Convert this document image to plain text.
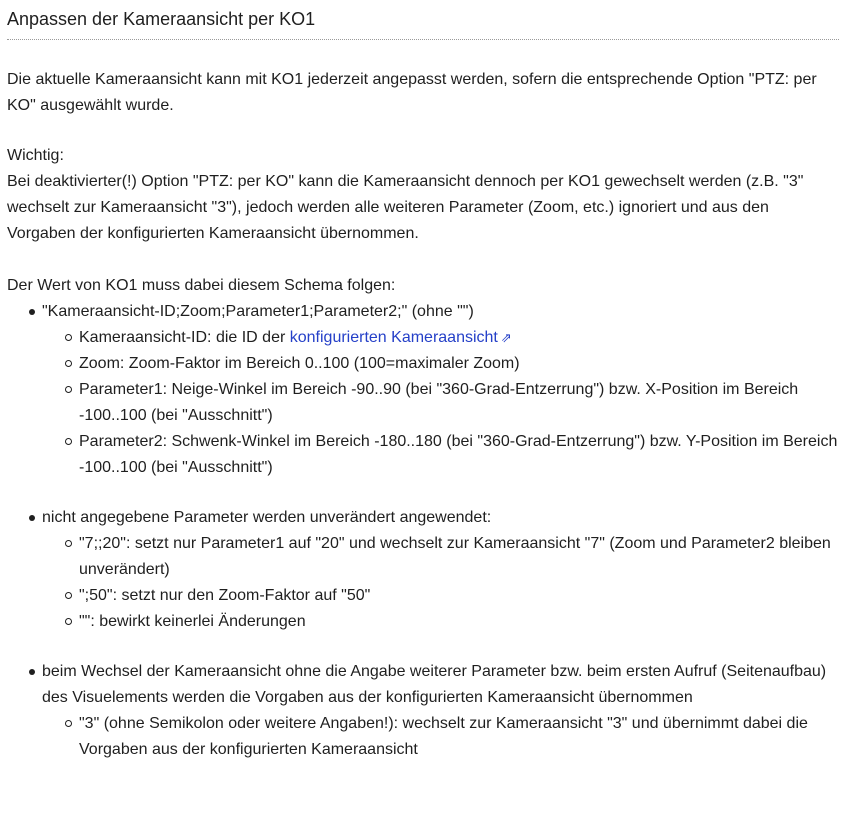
Anpassen der Kameraansicht per KO1

Die aktuelle Kameraansicht kann mit KO1 jederzeit angepasst werden, sofern die entsprechende Option "PTZ: per KO" ausgewählt wurde.

Wichtig:

Bei deaktivierter(!) Option "PTZ: per KO" kann die Kameraansicht dennoch per KO1 gewechselt werden (z.B. "3" wechselt zur Kameraansicht "3"), jedoch werden alle weiteren Parameter (Zoom, etc.) ignoriert und aus den Vorgaben der konfigurierten Kameraansicht übernommen.

Der Wert von KO1 muss dabei diesem Schema folgen:

"Kameraansicht-ID;Zoom;Parameter1;Parameter2;" (ohne "")
Kameraansicht-ID: die ID der konfigurierten Kameraansicht ⇗
Zoom: Zoom-Faktor im Bereich 0..100 (100=maximaler Zoom)
Parameter1: Neige-Winkel im Bereich -90..90 (bei "360-Grad-Entzerrung") bzw. X-Position im Bereich -100..100 (bei "Ausschnitt")
Parameter2: Schwenk-Winkel im Bereich -180..180 (bei "360-Grad-Entzerrung") bzw. Y-Position im Bereich -100..100 (bei "Ausschnitt")
nicht angegebene Parameter werden unverändert angewendet:
"7;;20": setzt nur Parameter1 auf "20" und wechselt zur Kameraansicht "7" (Zoom und Parameter2 bleiben unverändert)
";50": setzt nur den Zoom-Faktor auf "50"
"": bewirkt keinerlei Änderungen
beim Wechsel der Kameraansicht ohne die Angabe weiterer Parameter bzw. beim ersten Aufruf (Seitenaufbau) des Visuelements werden die Vorgaben aus der konfigurierten Kameraansicht übernommen
"3" (ohne Semikolon oder weitere Angaben!): wechselt zur Kameraansicht "3" und übernimmt dabei die Vorgaben aus der konfigurierten Kameraansicht
